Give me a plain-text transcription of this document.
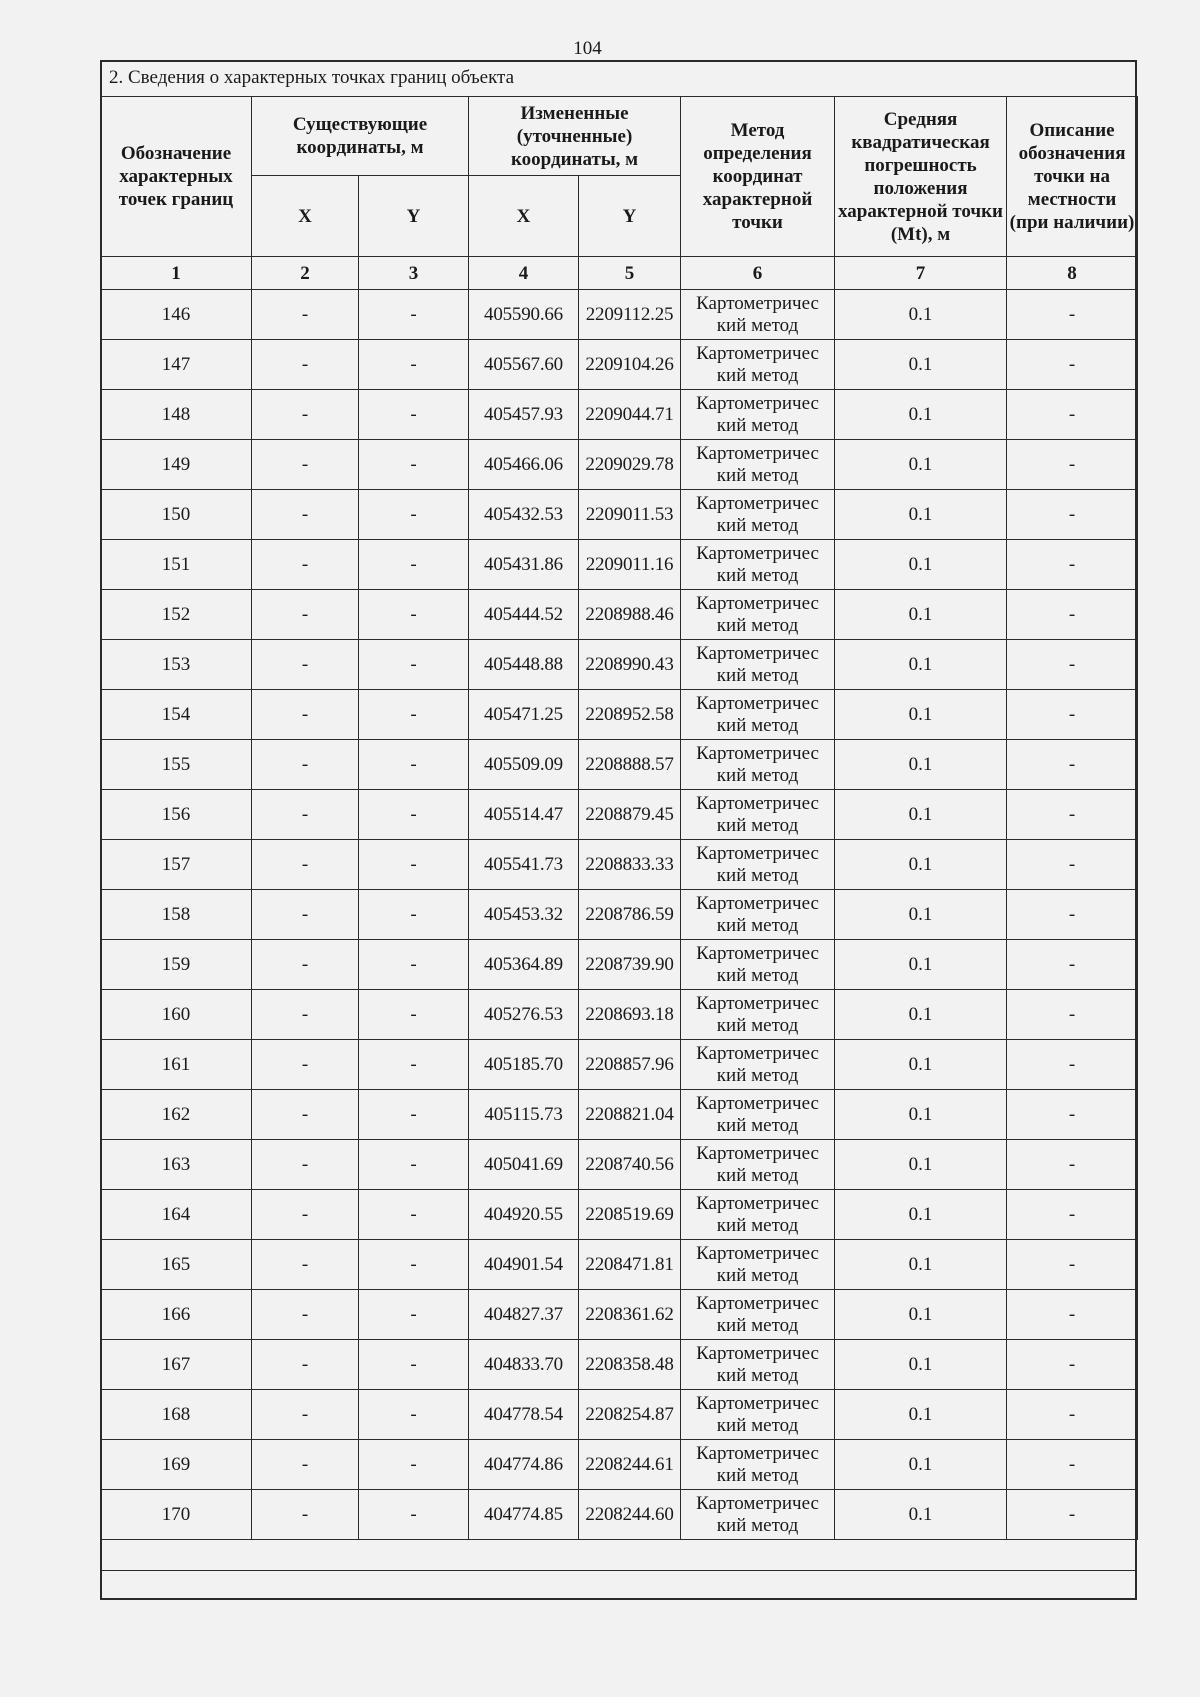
104
2. Сведения о характерных точках границ объекта
Обозначение характерных точек границ	Существующие координаты, м		Измененные (уточненные) координаты, м		Метод определения координат характерной точки	Средняя квадратическая погрешность положения характерной точки (Mt), м	Описание обозначения точки на местности (при наличии)
	X	Y	X	Y			
1	2	3	4	5	6	7	8
146	-	-	405590.66	2209112.25	Картометричес кий метод	0.1	-
147	-	-	405567.60	2209104.26	Картометричес кий метод	0.1	-
148	-	-	405457.93	2209044.71	Картометричес кий метод	0.1	-
149	-	-	405466.06	2209029.78	Картометричес кий метод	0.1	-
150	-	-	405432.53	2209011.53	Картометричес кий метод	0.1	-
151	-	-	405431.86	2209011.16	Картометричес кий метод	0.1	-
152	-	-	405444.52	2208988.46	Картометричес кий метод	0.1	-
153	-	-	405448.88	2208990.43	Картометричес кий метод	0.1	-
154	-	-	405471.25	2208952.58	Картометричес кий метод	0.1	-
155	-	-	405509.09	2208888.57	Картометричес кий метод	0.1	-
156	-	-	405514.47	2208879.45	Картометричес кий метод	0.1	-
157	-	-	405541.73	2208833.33	Картометричес кий метод	0.1	-
158	-	-	405453.32	2208786.59	Картометричес кий метод	0.1	-
159	-	-	405364.89	2208739.90	Картометричес кий метод	0.1	-
160	-	-	405276.53	2208693.18	Картометричес кий метод	0.1	-
161	-	-	405185.70	2208857.96	Картометричес кий метод	0.1	-
162	-	-	405115.73	2208821.04	Картометричес кий метод	0.1	-
163	-	-	405041.69	2208740.56	Картометричес кий метод	0.1	-
164	-	-	404920.55	2208519.69	Картометричес кий метод	0.1	-
165	-	-	404901.54	2208471.81	Картометричес кий метод	0.1	-
166	-	-	404827.37	2208361.62	Картометричес кий метод	0.1	-
167	-	-	404833.70	2208358.48	Картометричес кий метод	0.1	-
168	-	-	404778.54	2208254.87	Картометричес кий метод	0.1	-
169	-	-	404774.86	2208244.61	Картометричес кий метод	0.1	-
170	-	-	404774.85	2208244.60	Картометричес кий метод	0.1	-
